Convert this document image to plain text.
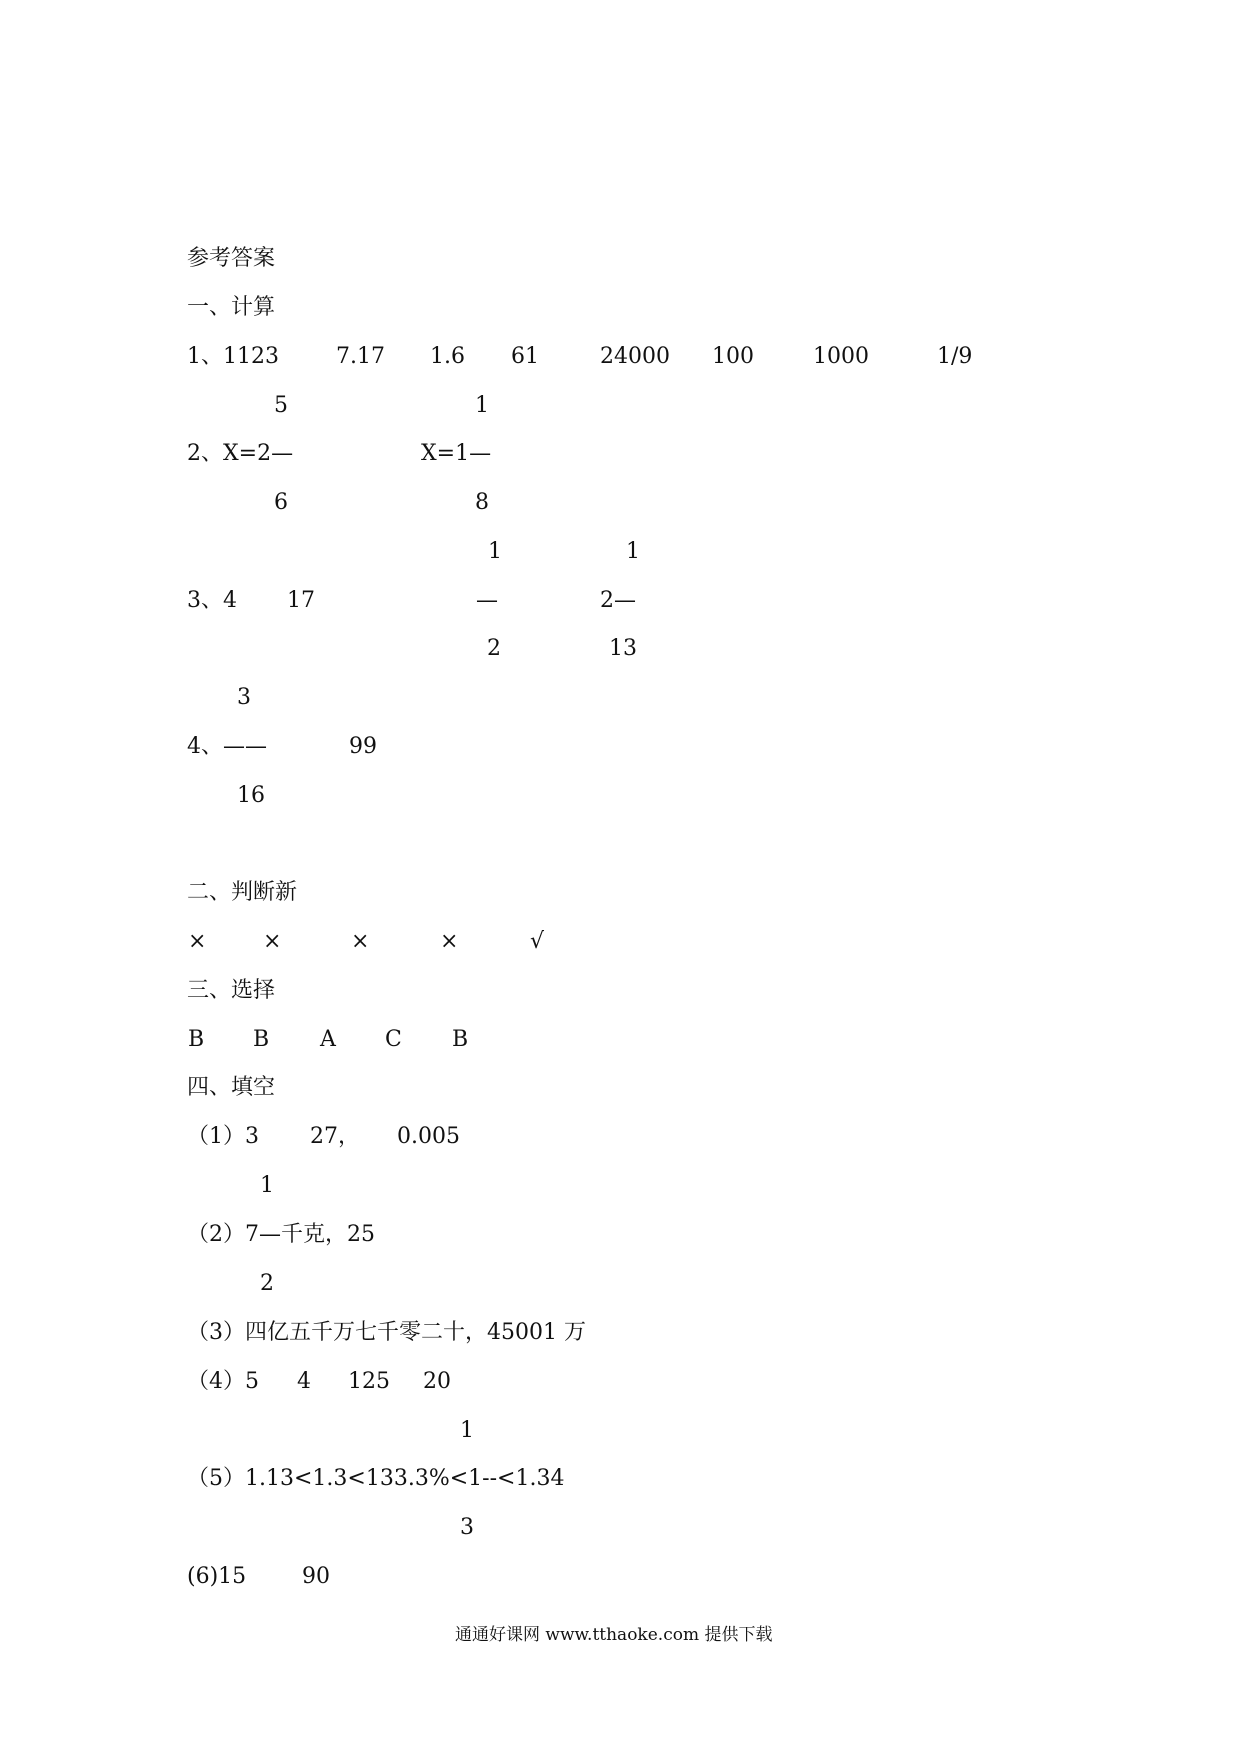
参考答案
一、计算
1、1123	7.17 1.6 61	24000 100	1000	1/9
5	1
2、X=2—	X=1—
6	8
1	1
3、4 17	—	2—
2	13
3
4、——	99
16
二、判断新
×	×	×	×	√
三、选择
B B A C B
四、填空
（1）3 27， 0.005
1
（2）7—千克，25
2
（3）四亿五千万七千零二十，45001 万
（4）5 4 125 20
1
（5）1.13<1.3<133.3%<1--<1.34
3
(6)15	90
通通好课网 www.tthaoke.com 提供下载
